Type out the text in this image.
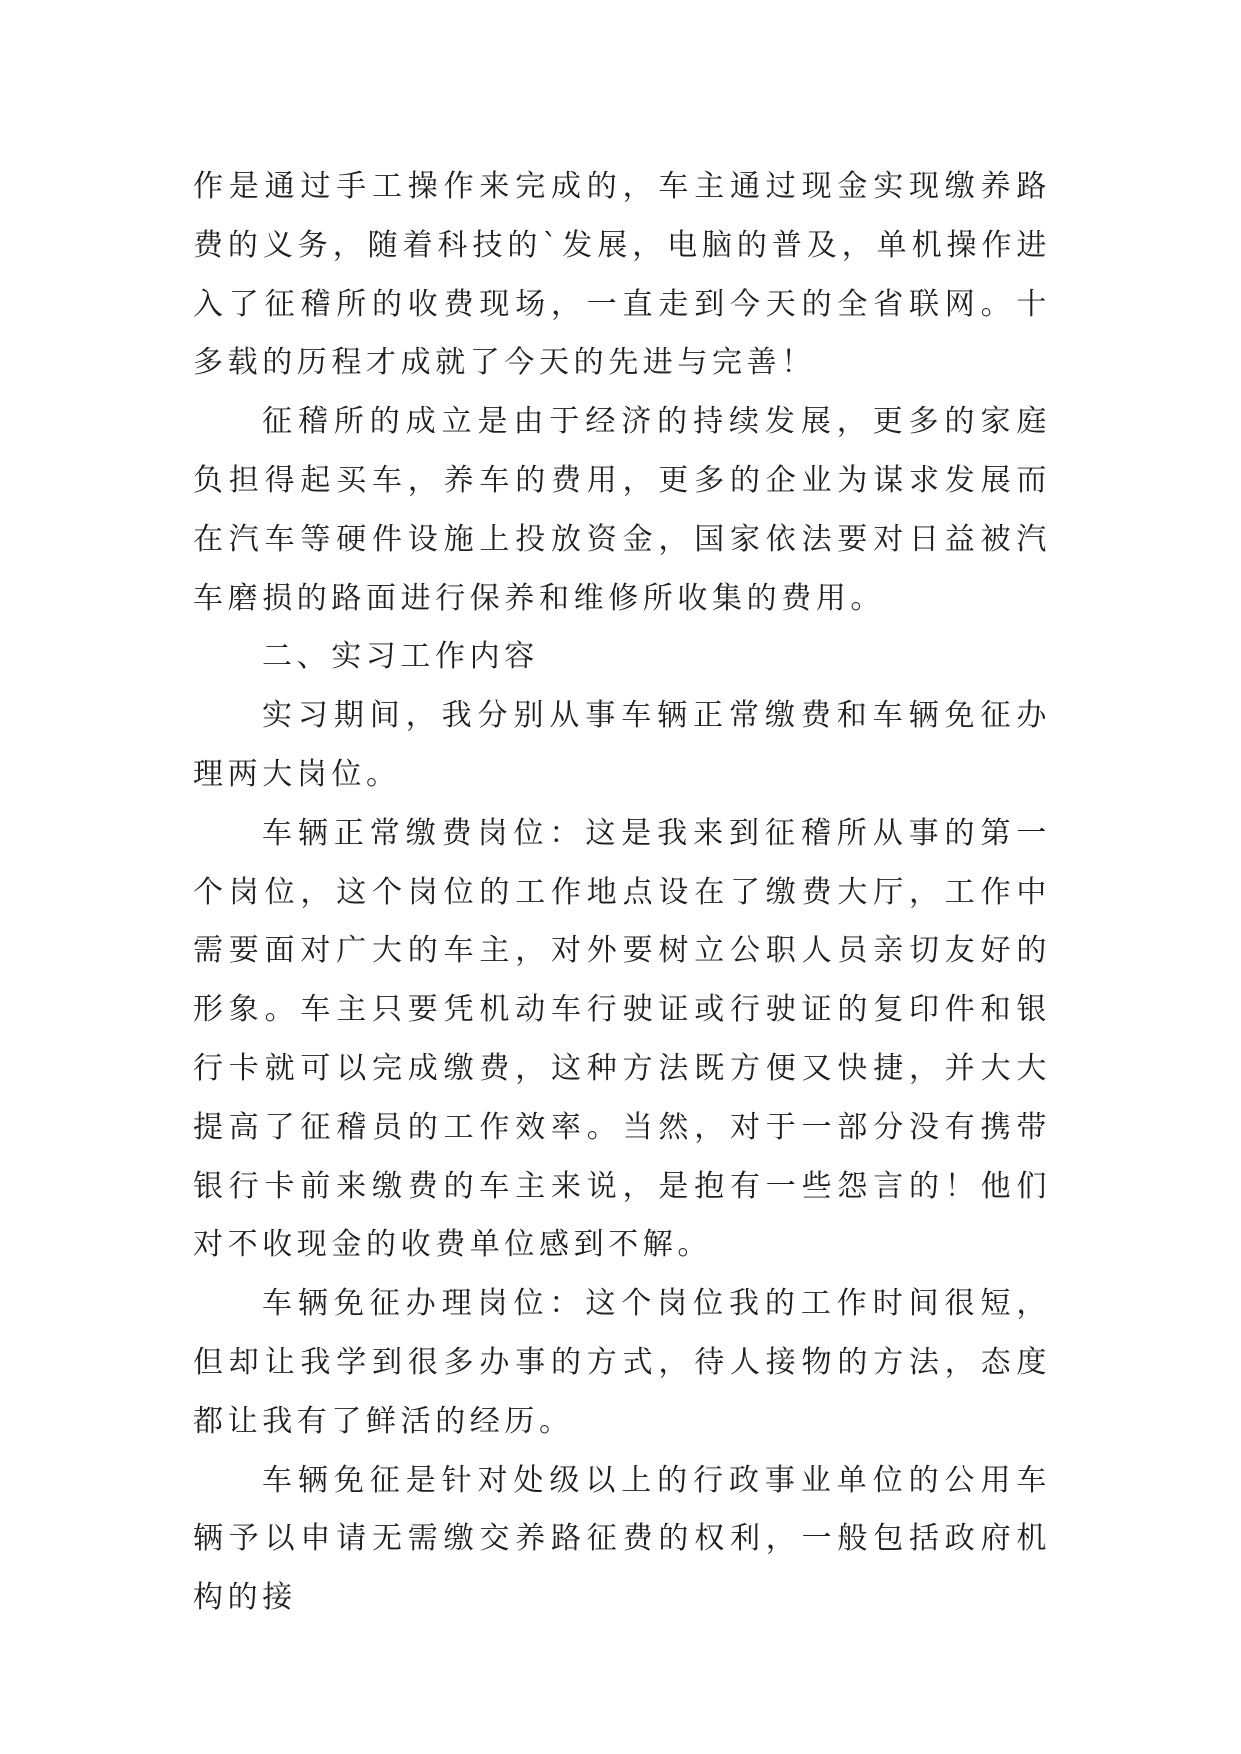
作是通过手工操作来完成的，车主通过现金实现缴养路费的义务，随着科技的`发展，电脑的普及，单机操作进入了征稽所的收费现场，一直走到今天的全省联网。十多载的历程才成就了今天的先进与完善！

征稽所的成立是由于经济的持续发展，更多的家庭负担得起买车，养车的费用，更多的企业为谋求发展而在汽车等硬件设施上投放资金，国家依法要对日益被汽车磨损的路面进行保养和维修所收集的费用。

二、实习工作内容

实习期间，我分别从事车辆正常缴费和车辆免征办理两大岗位。

车辆正常缴费岗位：这是我来到征稽所从事的第一个岗位，这个岗位的工作地点设在了缴费大厅，工作中需要面对广大的车主，对外要树立公职人员亲切友好的形象。车主只要凭机动车行驶证或行驶证的复印件和银行卡就可以完成缴费，这种方法既方便又快捷，并大大提高了征稽员的工作效率。当然，对于一部分没有携带银行卡前来缴费的车主来说，是抱有一些怨言的！他们对不收现金的收费单位感到不解。

车辆免征办理岗位：这个岗位我的工作时间很短，但却让我学到很多办事的方式，待人接物的方法，态度都让我有了鲜活的经历。

车辆免征是针对处级以上的行政事业单位的公用车辆予以申请无需缴交养路征费的权利，一般包括政府机构的接
